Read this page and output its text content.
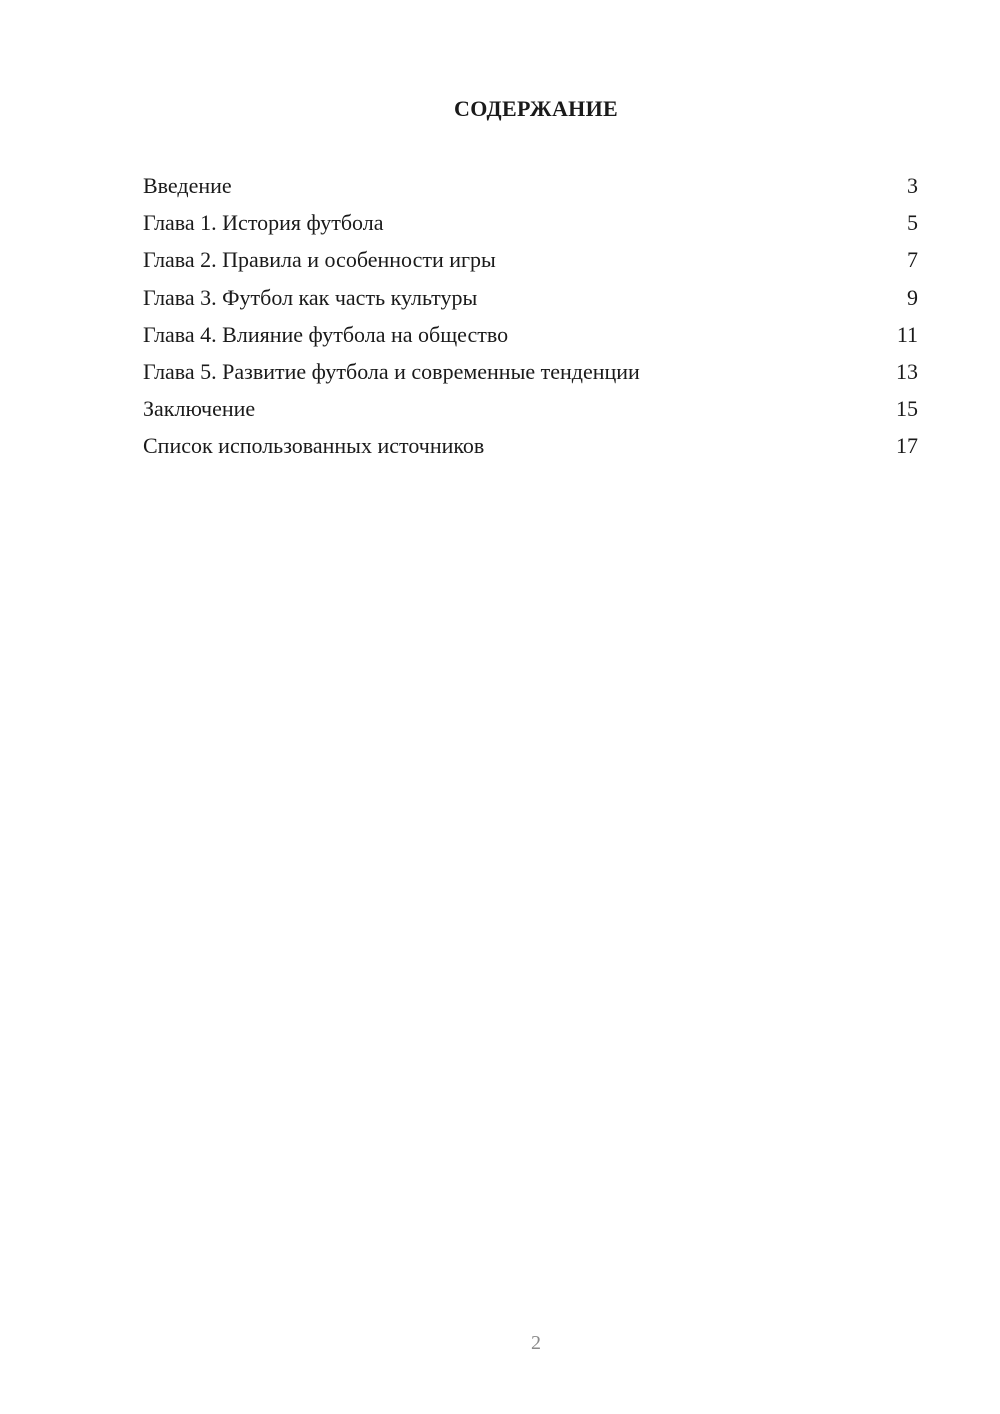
СОДЕРЖАНИЕ
Введение	3
Глава 1. История футбола	5
Глава 2. Правила и особенности игры	7
Глава 3. Футбол как часть культуры	9
Глава 4. Влияние футбола на общество	11
Глава 5. Развитие футбола и современные тенденции	13
Заключение	15
Список использованных источников	17

2
